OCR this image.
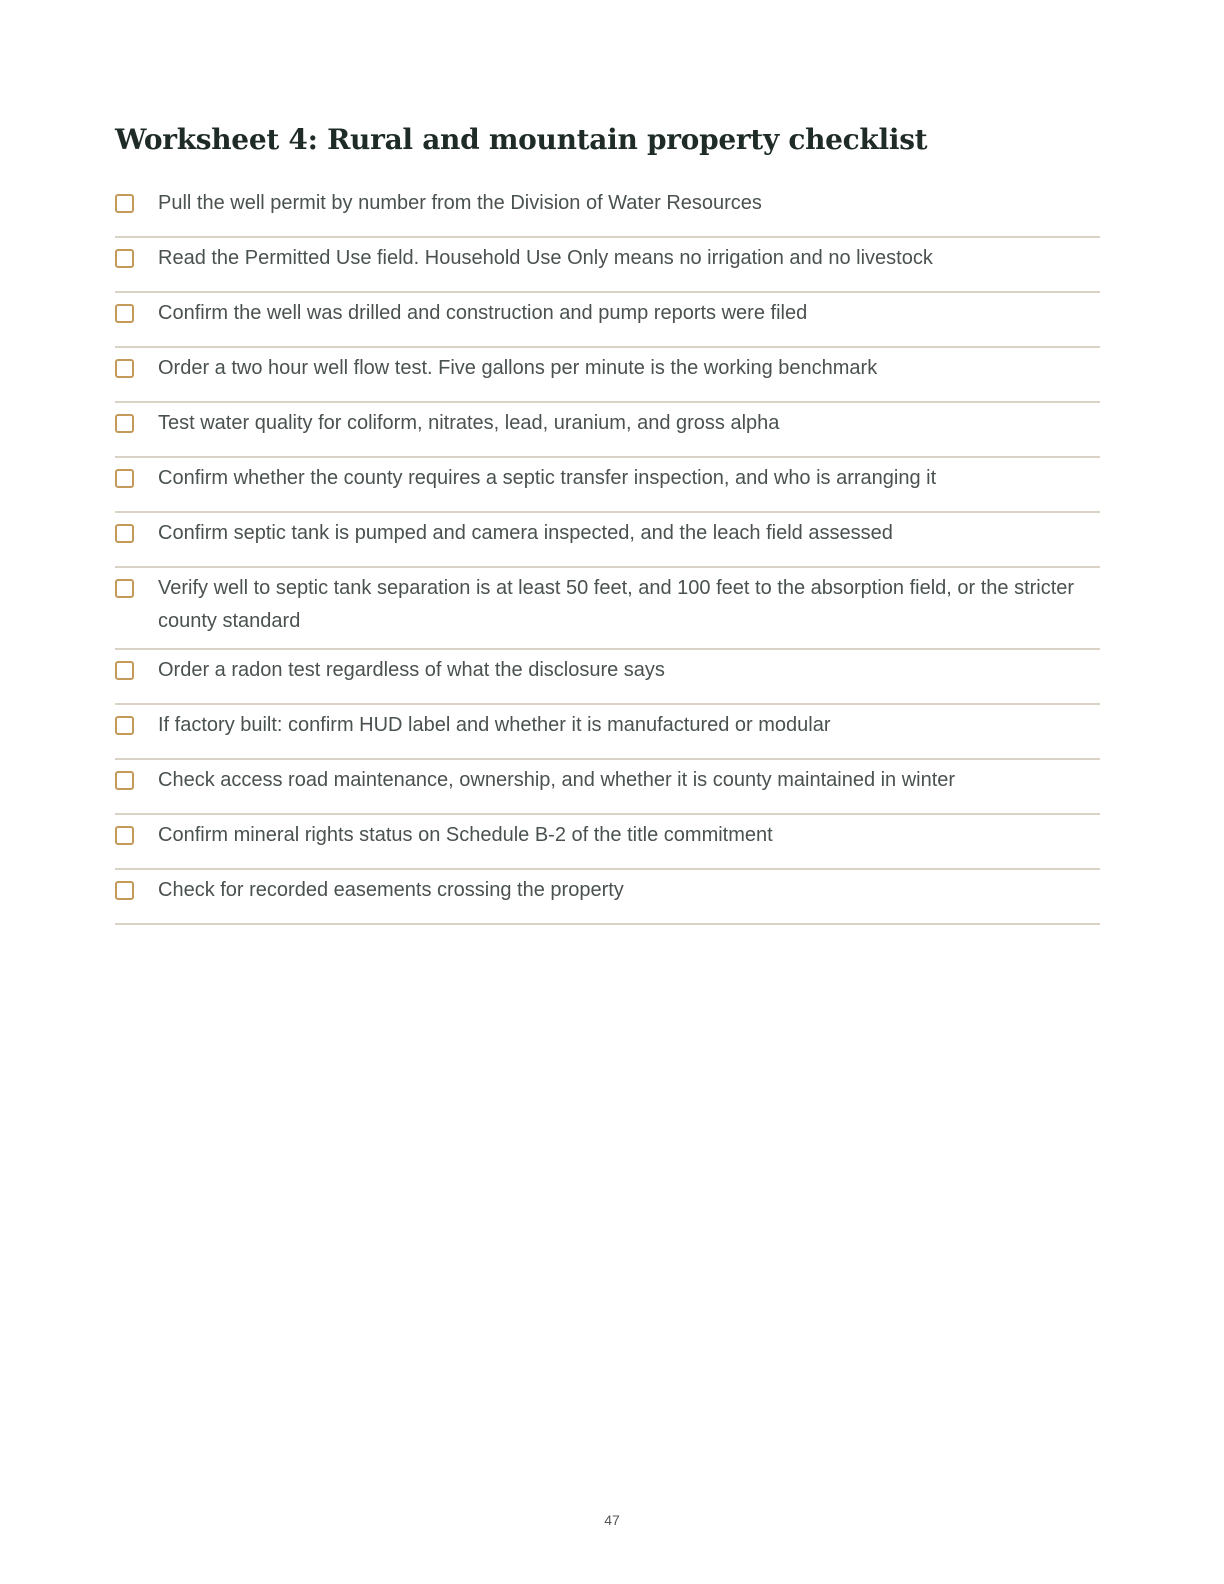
Worksheet 4: Rural and mountain property checklist
Pull the well permit by number from the Division of Water Resources
Read the Permitted Use field. Household Use Only means no irrigation and no livestock
Confirm the well was drilled and construction and pump reports were filed
Order a two hour well flow test. Five gallons per minute is the working benchmark
Test water quality for coliform, nitrates, lead, uranium, and gross alpha
Confirm whether the county requires a septic transfer inspection, and who is arranging it
Confirm septic tank is pumped and camera inspected, and the leach field assessed
Verify well to septic tank separation is at least 50 feet, and 100 feet to the absorption field, or the stricter county standard
Order a radon test regardless of what the disclosure says
If factory built: confirm HUD label and whether it is manufactured or modular
Check access road maintenance, ownership, and whether it is county maintained in winter
Confirm mineral rights status on Schedule B-2 of the title commitment
Check for recorded easements crossing the property
47
